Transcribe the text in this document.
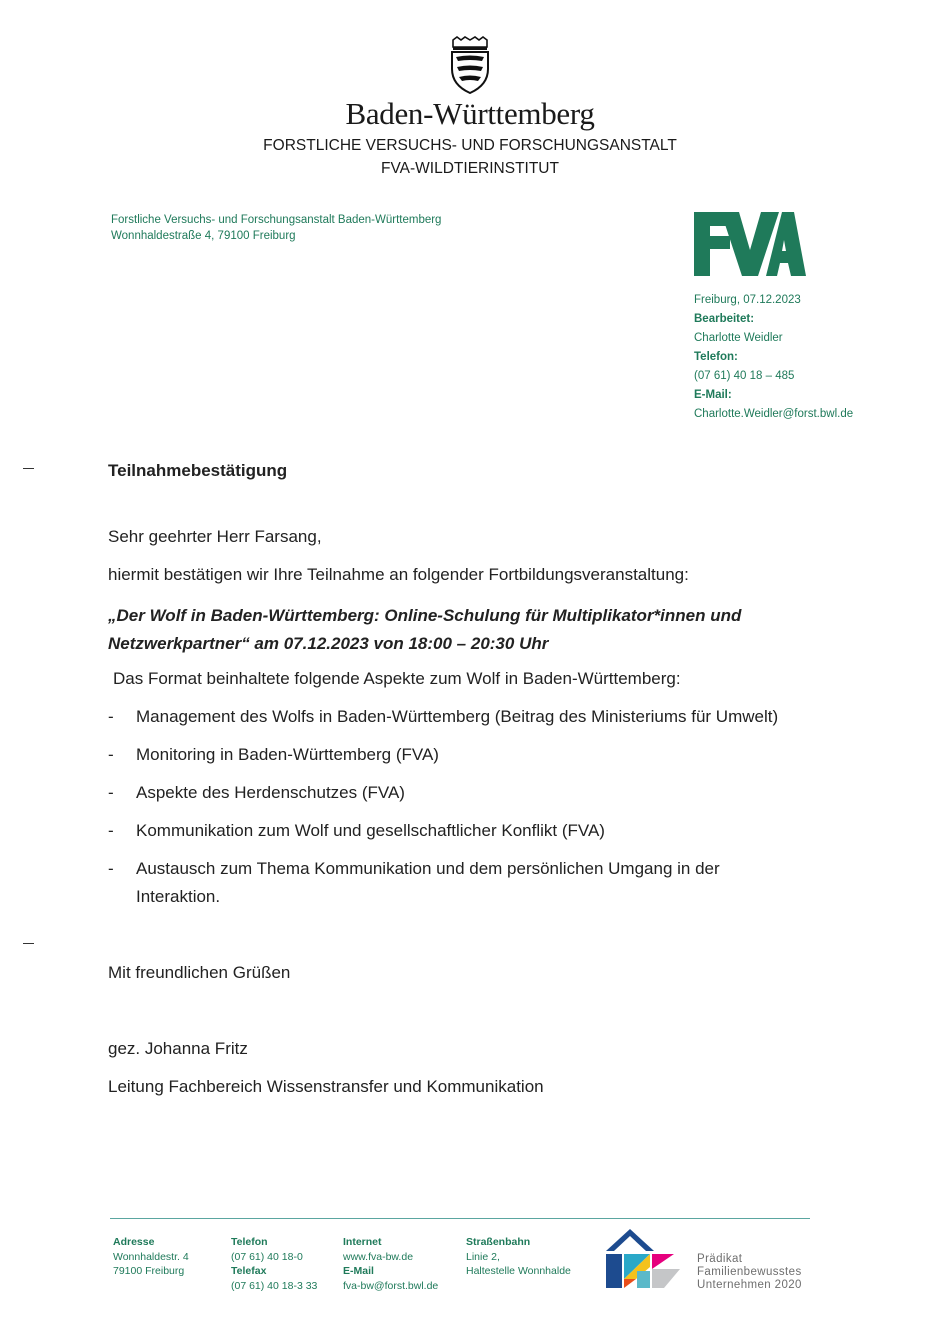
Baden-Württemberg
FORSTLICHE VERSUCHS- UND FORSCHUNGSANSTALT
FVA-WILDTIERINSTITUT
Forstliche Versuchs- und Forschungsanstalt Baden-Württemberg
Wonnhaldestraße 4, 79100 Freiburg
Freiburg, 07.12.2023
Bearbeitet:
Charlotte Weidler
Telefon:
(07 61) 40 18 – 485
E-Mail:
Charlotte.Weidler@forst.bwl.de
Teilnahmebestätigung
Sehr geehrter Herr Farsang,
hiermit bestätigen wir Ihre Teilnahme an folgender Fortbildungsveranstaltung:
„Der Wolf in Baden-Württemberg: Online-Schulung für Multiplikator*innen und
Netzwerkpartner“ am 07.12.2023 von 18:00 – 20:30 Uhr
Das Format beinhaltete folgende Aspekte zum Wolf in Baden-Württemberg:
- Management des Wolfs in Baden-Württemberg (Beitrag des Ministeriums für Umwelt)
- Monitoring in Baden-Württemberg (FVA)
- Aspekte des Herdenschutzes (FVA)
- Kommunikation zum Wolf und gesellschaftlicher Konflikt (FVA)
- Austausch zum Thema Kommunikation und dem persönlichen Umgang in der Interaktion.
Mit freundlichen Grüßen
gez. Johanna Fritz
Leitung Fachbereich Wissenstransfer und Kommunikation
Adresse
Wonnhaldestr. 4
79100 Freiburg
Telefon
(07 61) 40 18-0
Telefax
(07 61) 40 18-3 33
Internet
www.fva-bw.de
E-Mail
fva-bw@forst.bwl.de
Straßenbahn
Linie 2,
Haltestelle Wonnhalde
Prädikat
Familienbewusstes
Unternehmen 2020
